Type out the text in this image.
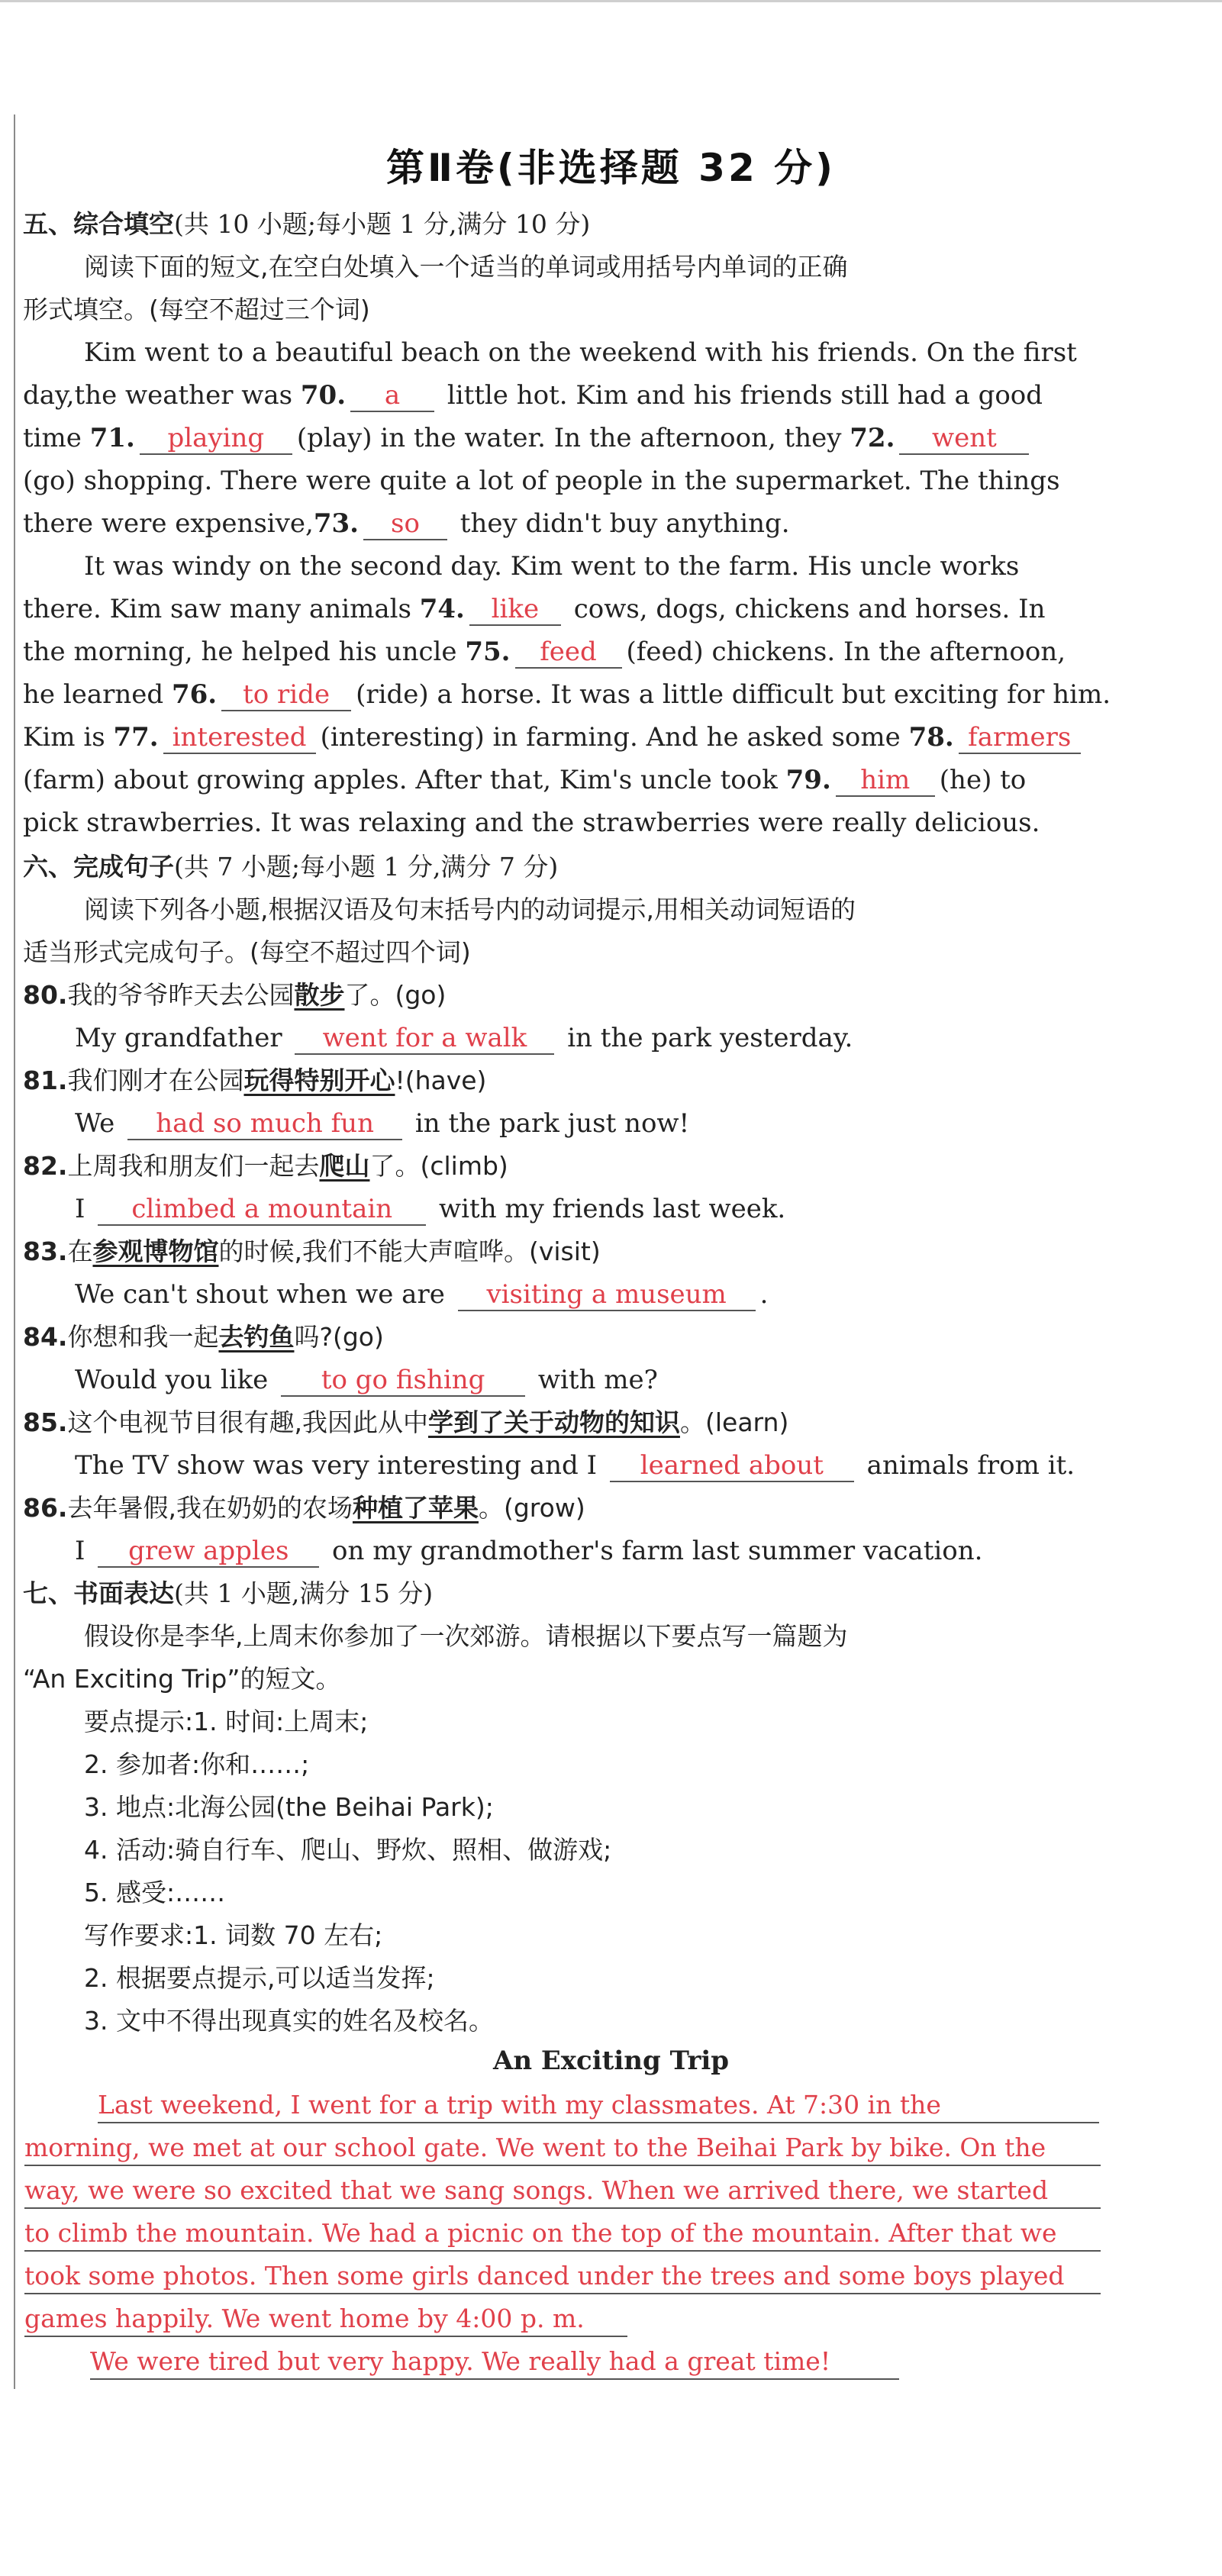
第Ⅱ卷(非选择题 32 分)
五、综合填空(共 10 小题;每小题 1 分,满分 10 分)
阅读下面的短文,在空白处填入一个适当的单词或用括号内单词的正确
形式填空。(每空不超过三个词)
Kim went to a beautiful beach on the weekend with his friends. On the first
day,the weather was 70. a little hot. Kim and his friends still had a good
time 71. playing (play) in the water. In the afternoon, they 72. went
(go) shopping. There were quite a lot of people in the supermarket. The things
there were expensive,73. so they didn't buy anything.
It was windy on the second day. Kim went to the farm. His uncle works
there. Kim saw many animals 74. like cows, dogs, chickens and horses. In
the morning, he helped his uncle 75. feed (feed) chickens. In the afternoon,
he learned 76. to ride (ride) a horse. It was a little difficult but exciting for him.
Kim is 77. interested (interesting) in farming. And he asked some 78. farmers
(farm) about growing apples. After that, Kim's uncle took 79. him (he) to
pick strawberries. It was relaxing and the strawberries were really delicious.
六、完成句子(共 7 小题;每小题 1 分,满分 7 分)
阅读下列各小题,根据汉语及句末括号内的动词提示,用相关动词短语的
适当形式完成句子。(每空不超过四个词)
80.我的爷爷昨天去公园散步了。(go)
My grandfather went for a walk in the park yesterday.
81.我们刚才在公园玩得特别开心!(have)
We had so much fun in the park just now!
82.上周我和朋友们一起去爬山了。(climb)
I climbed a mountain with my friends last week.
83.在参观博物馆的时候,我们不能大声喧哗。(visit)
We can't shout when we are visiting a museum .
84.你想和我一起去钓鱼吗?(go)
Would you like to go fishing with me?
85.这个电视节目很有趣,我因此从中学到了关于动物的知识。(learn)
The TV show was very interesting and I learned about animals from it.
86.去年暑假,我在奶奶的农场种植了苹果。(grow)
I grew apples on my grandmother's farm last summer vacation.
七、书面表达(共 1 小题,满分 15 分)
假设你是李华,上周末你参加了一次郊游。请根据以下要点写一篇题为
“An Exciting Trip”的短文。
要点提示:1. 时间:上周末;
2. 参加者:你和……;
3. 地点:北海公园(the Beihai Park);
4. 活动:骑自行车、爬山、野炊、照相、做游戏;
5. 感受:……
写作要求:1. 词数 70 左右;
2. 根据要点提示,可以适当发挥;
3. 文中不得出现真实的姓名及校名。
An Exciting Trip
Last weekend, I went for a trip with my classmates. At 7:30 in the
morning, we met at our school gate. We went to the Beihai Park by bike. On the
way, we were so excited that we sang songs. When we arrived there, we started
to climb the mountain. We had a picnic on the top of the mountain. After that we
took some photos. Then some girls danced under the trees and some boys played
games happily. We went home by 4:00 p. m.
We were tired but very happy. We really had a great time!
